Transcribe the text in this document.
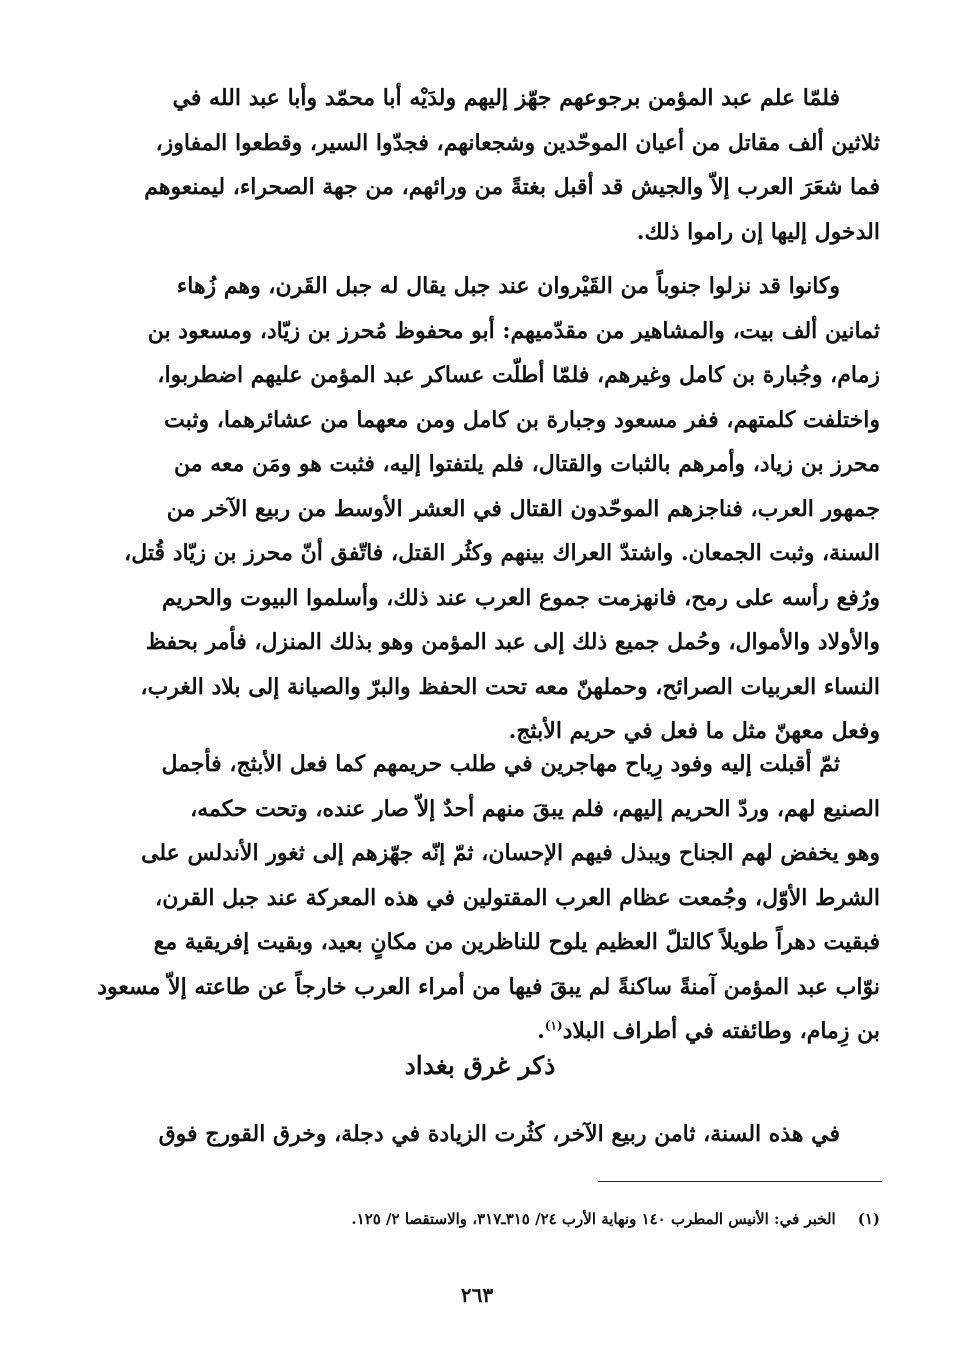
فلمّا علم عبد المؤمن برجوعهم جهّز إليهم ولدَيْه أبا محمّد وأبا عبد الله في
ثلاثين ألف مقاتل من أعيان الموحّدين وشجعانهم، فجدّوا السير، وقطعوا المفاوز،
فما شعَرَ العرب إلاّ والجيش قد أقبل بغتةً من ورائهم، من جهة الصحراء، ليمنعوهم
الدخول إليها إن راموا ذلك.
وكانوا قد نزلوا جنوباً من القَيْروان عند جبل يقال له جبل القَرن، وهم زُهاء
ثمانين ألف بيت، والمشاهير من مقدّميهم: أبو محفوظ مُحرز بن زيّاد، ومسعود بن
زمام، وجُبارة بن كامل وغيرهم، فلمّا أطلّت عساكر عبد المؤمن عليهم اضطربوا،
واختلفت كلمتهم، ففر مسعود وجبارة بن كامل ومن معهما من عشائرهما، وثبت
محرز بن زياد، وأمرهم بالثبات والقتال، فلم يلتفتوا إليه، فثبت هو ومَن معه من
جمهور العرب، فناجزهم الموحّدون القتال في العشر الأوسط من ربيع الآخر من
السنة، وثبت الجمعان. واشتدّ العراك بينهم وكثُر القتل، فاتّفق أنّ محرز بن زيّاد قُتل،
ورُفع رأسه على رمح، فانهزمت جموع العرب عند ذلك، وأسلموا البيوت والحريم
والأولاد والأموال، وحُمل جميع ذلك إلى عبد المؤمن وهو بذلك المنزل، فأمر بحفظ
النساء العربيات الصرائح، وحملهنّ معه تحت الحفظ والبرّ والصيانة إلى بلاد الغرب،
وفعل معهنّ مثل ما فعل في حريم الأبثج.
ثمّ أقبلت إليه وفود رِياح مهاجرين في طلب حريمهم كما فعل الأبثج، فأجمل
الصنيع لهم، وردّ الحريم إليهم، فلم يبقَ منهم أحدٌ إلاّ صار عنده، وتحت حكمه،
وهو يخفض لهم الجناح ويبذل فيهم الإحسان، ثمّ إنّه جهّزهم إلى ثغور الأندلس على
الشرط الأوّل، وجُمعت عظام العرب المقتولين في هذه المعركة عند جبل القرن،
فبقيت دهراً طويلاً كالتلّ العظيم يلوح للناظرين من مكانٍ بعيد، وبقيت إفريقية مع
نوّاب عبد المؤمن آمنةً ساكنةً لم يبقَ فيها من أمراء العرب خارجاً عن طاعته إلاّ مسعود
بن زِمام، وطائفته في أطراف البلاد$^{(١)}$.
ذكر غرق بغداد
في هذه السنة، ثامن ربيع الآخر، كثُرت الزيادة في دجلة، وخرق القورج فوق

(١)الخبر في: الأنيس المطرب ١٤٠ ونهاية الأرب ٢٤/ ٣١٥ـ٣١٧، والاستقصا ٢/ ١٢٥.

٢٦٣
